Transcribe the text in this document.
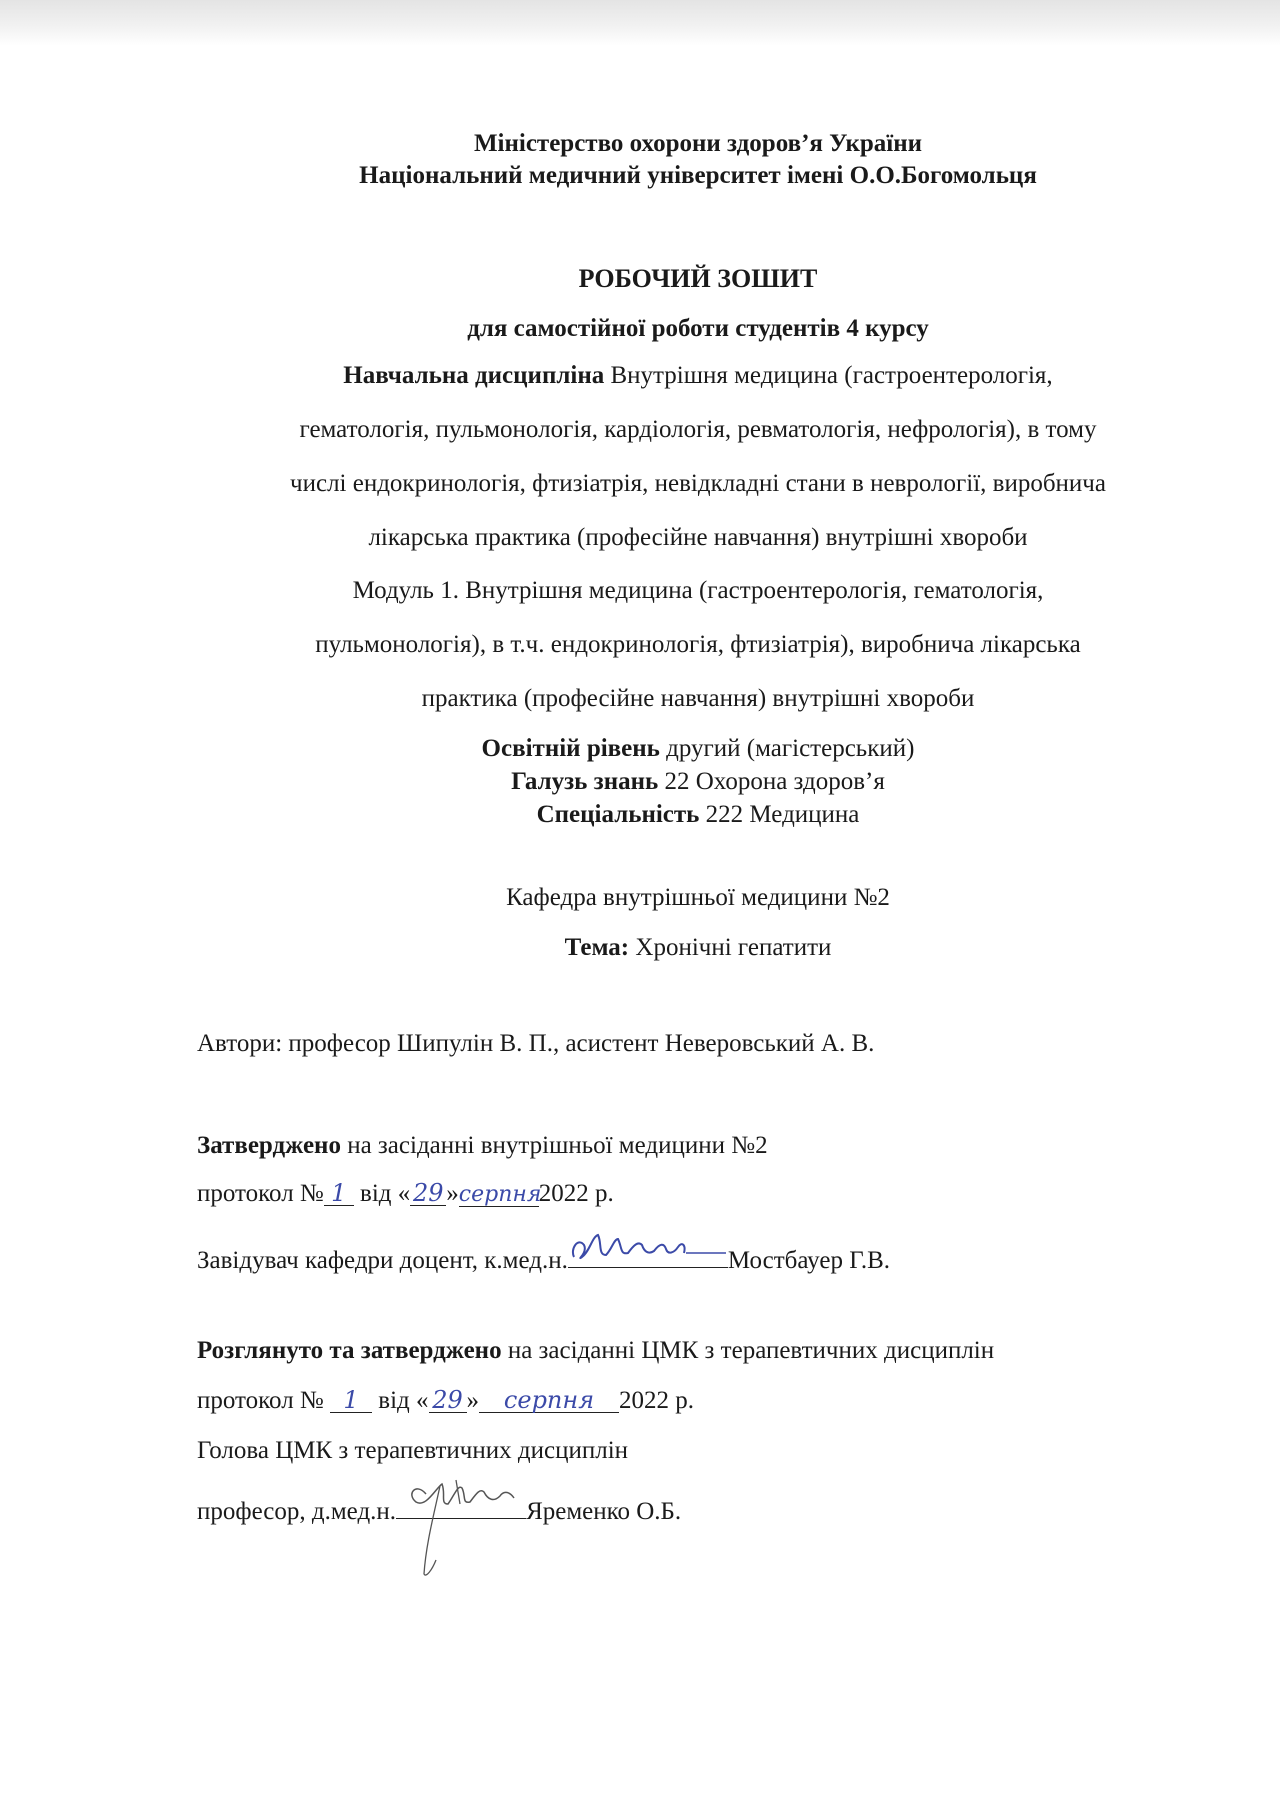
Міністерство охорони здоров’я України
Національний медичний університет імені О.О.Богомольця
РОБОЧИЙ ЗОШИТ
для самостійної роботи студентів 4 курсу
Навчальна дисципліна Внутрішня медицина (гастроентерологія,
гематологія, пульмонологія, кардіологія, ревматологія, нефрологія), в тому
числі ендокринологія, фтизіатрія, невідкладні стани в неврології, виробнича
лікарська практика (професійне навчання) внутрішні хвороби
Модуль 1. Внутрішня медицина (гастроентерологія, гематологія,
пульмонологія), в т.ч. ендокринологія, фтизіатрія), виробнича лікарська
практика (професійне навчання) внутрішні хвороби
Освітній рівень другий (магістерський)
Галузь знань 22 Охорона здоров’я
Спеціальність 222 Медицина
Кафедра внутрішньої медицини №2
Тема: Хронічні гепатити
Автори: професор Шипулін В. П., асистент Неверовський А. В.
Затверджено на засіданні внутрішньої медицини №2
протокол № 1 від « 29 »серпня2022 р.
Завідувач кафедри доцент, к.мед.н.	Мостбауер Г.В.
Розглянуто та затверджено на засіданні ЦМК з терапевтичних дисциплін
протокол № 1 від « 29 » серпня 2022 р.
Голова ЦМК з терапевтичних дисциплін
професор, д.мед.н.	Яременко О.Б.
